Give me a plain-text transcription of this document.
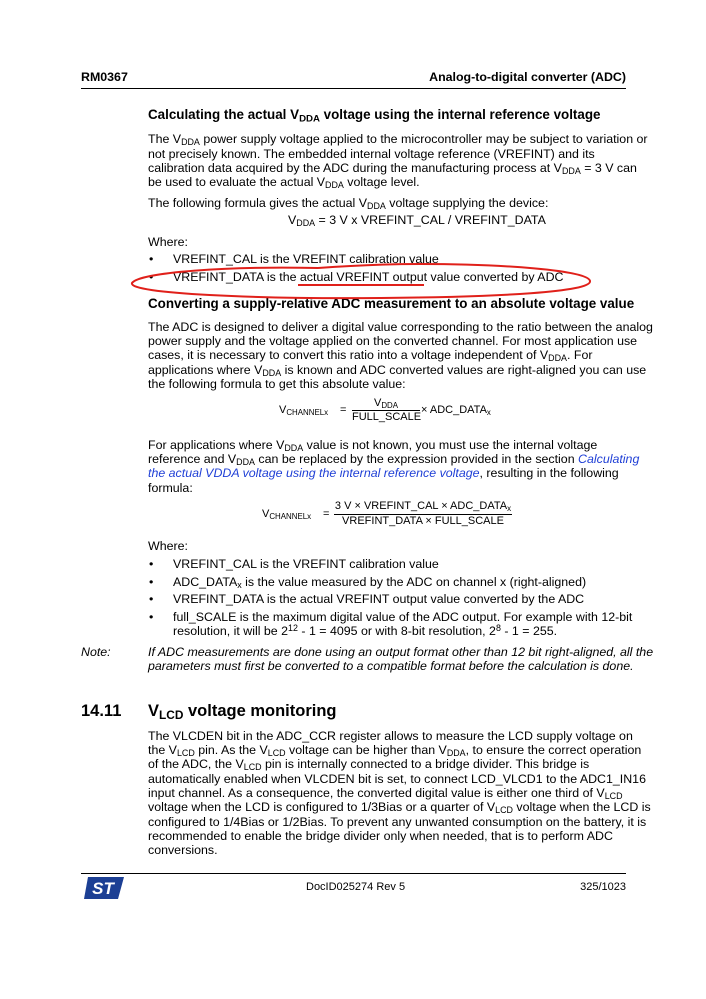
RM0367	Analog-to-digital converter (ADC)
Calculating the actual $V_{DDA}$ voltage using the internal reference voltage
The $V_{DDA}$ power supply voltage applied to the microcontroller may be subject to variation or
not precisely known. The embedded internal voltage reference (VREFINT) and its
calibration data acquired by the ADC during the manufacturing process at $V_{DDA} = 3$ V can
be used to evaluate the actual $V_{DDA}$ voltage level.
The following formula gives the actual $V_{DDA}$ voltage supplying the device:
$V_{DDA} = 3$ V x VREFINT_CAL / VREFINT_DATA
Where:
• VREFINT_CAL is the VREFINT calibration value
• VREFINT_DATA is the actual VREFINT output value converted by ADC
Converting a supply-relative ADC measurement to an absolute voltage value
The ADC is designed to deliver a digital value corresponding to the ratio between the analog
power supply and the voltage applied on the converted channel. For most application use
cases, it is necessary to convert this ratio into a voltage independent of $V_{DDA}$. For
applications where $V_{DDA}$ is known and ADC converted values are right-aligned you can use
the following formula to get this absolute value:
$V_{CHANNELx}$ =
$V_{DDA}$
FULL_SCALE
× $ADC\_DATA_x$
For applications where $V_{DDA}$ value is not known, you must use the internal voltage
reference and $V_{DDA}$ can be replaced by the expression provided in the section Calculating
the actual VDDA voltage using the internal reference voltage, resulting in the following
formula:
$V_{CHANNELx}$ =
3 V × VREFINT_CAL × $ADC\_DATA_x$
VREFINT_DATA × FULL_SCALE
Where:
• VREFINT_CAL is the VREFINT calibration value
• $ADC\_DATA_x$ is the value measured by the ADC on channel x (right-aligned)
• VREFINT_DATA is the actual VREFINT output value converted by the ADC
• full_SCALE is the maximum digital value of the ADC output. For example with 12-bit
resolution, it will be $2^{12} - 1 = 4095$ or with 8-bit resolution, $2^8 - 1 = 255$.
Note:	If ADC measurements are done using an output format other than 12 bit right-aligned, all the
parameters must first be converted to a compatible format before the calculation is done.
14.11 $V_{LCD}$ voltage monitoring
The VLCDEN bit in the ADC_CCR register allows to measure the LCD supply voltage on
the $V_{LCD}$ pin. As the $V_{LCD}$ voltage can be higher than $V_{DDA}$, to ensure the correct operation
of the ADC, the $V_{LCD}$ pin is internally connected to a bridge divider. This bridge is
automatically enabled when VLCDEN bit is set, to connect LCD_VLCD1 to the ADC1_IN16
input channel. As a consequence, the converted digital value is either one third of $V_{LCD}$
voltage when the LCD is configured to 1/3Bias or a quarter of $V_{LCD}$ voltage when the LCD is
configured to 1/4Bias or 1/2Bias. To prevent any unwanted consumption on the battery, it is
recommended to enable the bridge divider only when needed, that is to perform ADC
conversions.
ST	DocID025274 Rev 5	325/1023
